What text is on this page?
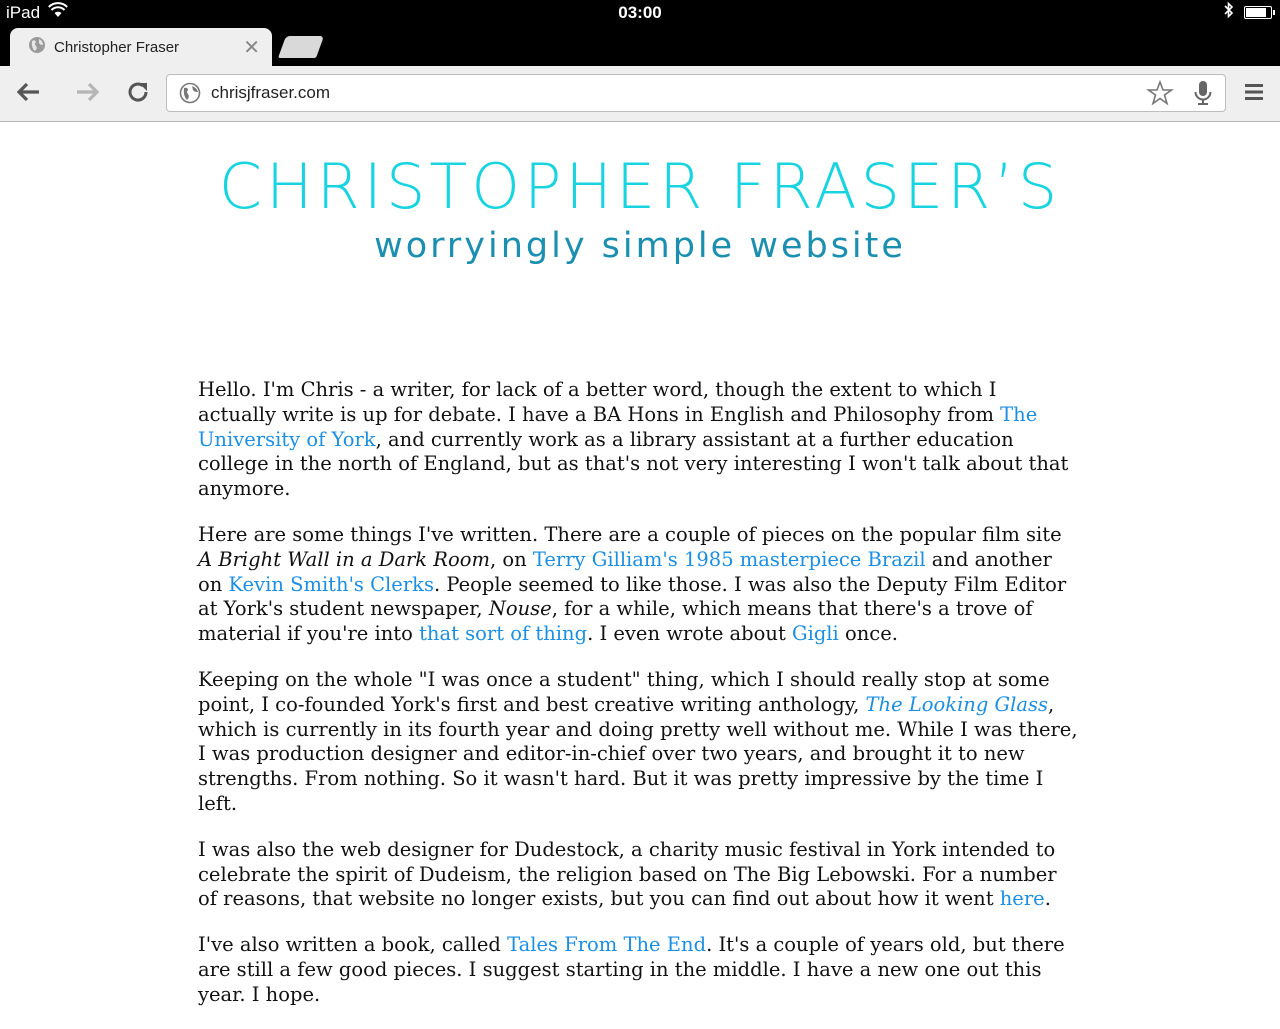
iPad	03:00
Christopher Fraser	✕
chrisjfraser.com
CHRISTOPHER FRASER’S
worryingly simple website

Hello. I'm Chris - a writer, for lack of a better word, though the extent to which I actually write is up for debate. I have a BA Hons in English and Philosophy from The University of York, and currently work as a library assistant at a further education college in the north of England, but as that's not very interesting I won't talk about that anymore.

Here are some things I've written. There are a couple of pieces on the popular film site A Bright Wall in a Dark Room, on Terry Gilliam's 1985 masterpiece Brazil and another on Kevin Smith's Clerks. People seemed to like those. I was also the Deputy Film Editor at York's student newspaper, Nouse, for a while, which means that there's a trove of material if you're into that sort of thing. I even wrote about Gigli once.

Keeping on the whole "I was once a student" thing, which I should really stop at some point, I co-founded York's first and best creative writing anthology, The Looking Glass, which is currently in its fourth year and doing pretty well without me. While I was there, I was production designer and editor-in-chief over two years, and brought it to new strengths. From nothing. So it wasn't hard. But it was pretty impressive by the time I left.

I was also the web designer for Dudestock, a charity music festival in York intended to celebrate the spirit of Dudeism, the religion based on The Big Lebowski. For a number of reasons, that website no longer exists, but you can find out about how it went here.

I've also written a book, called Tales From The End. It's a couple of years old, but there are still a few good pieces. I suggest starting in the middle. I have a new one out this year. I hope.
